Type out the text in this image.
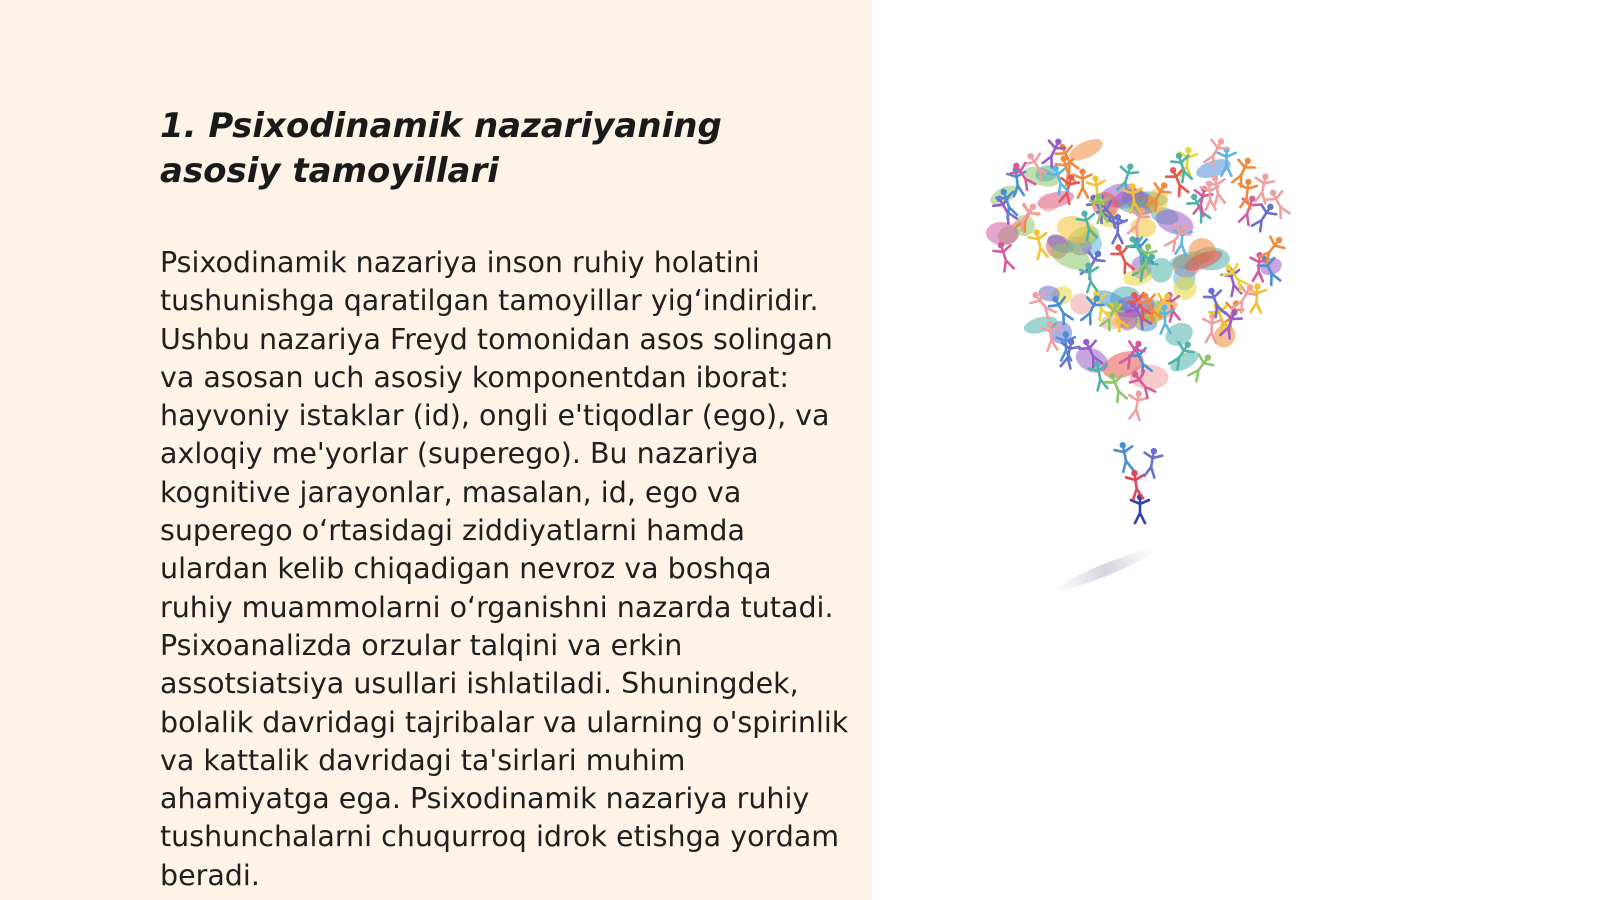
1. Psixodinamik nazariyaning asosiy tamoyillari

Psixodinamik nazariya inson ruhiy holatini tushunishga qaratilgan tamoyillar yig‘indiridir. Ushbu nazariya Freyd tomonidan asos solingan va asosan uch asosiy komponentdan iborat: hayvoniy istaklar (id), ongli e'tiqodlar (ego), va axloqiy me'yorlar (superego). Bu nazariya kognitive jarayonlar, masalan, id, ego va superego o‘rtasidagi ziddiyatlarni hamda ulardan kelib chiqadigan nevroz va boshqa ruhiy muammolarni o‘rganishni nazarda tutadi. Psixoanalizda orzular talqini va erkin assotsiatsiya usullari ishlatiladi. Shuningdek, bolalik davridagi tajribalar va ularning o'spirinlik va kattalik davridagi ta'sirlari muhim ahamiyatga ega. Psixodinamik nazariya ruhiy tushunchalarni chuqurroq idrok etishga yordam beradi.
